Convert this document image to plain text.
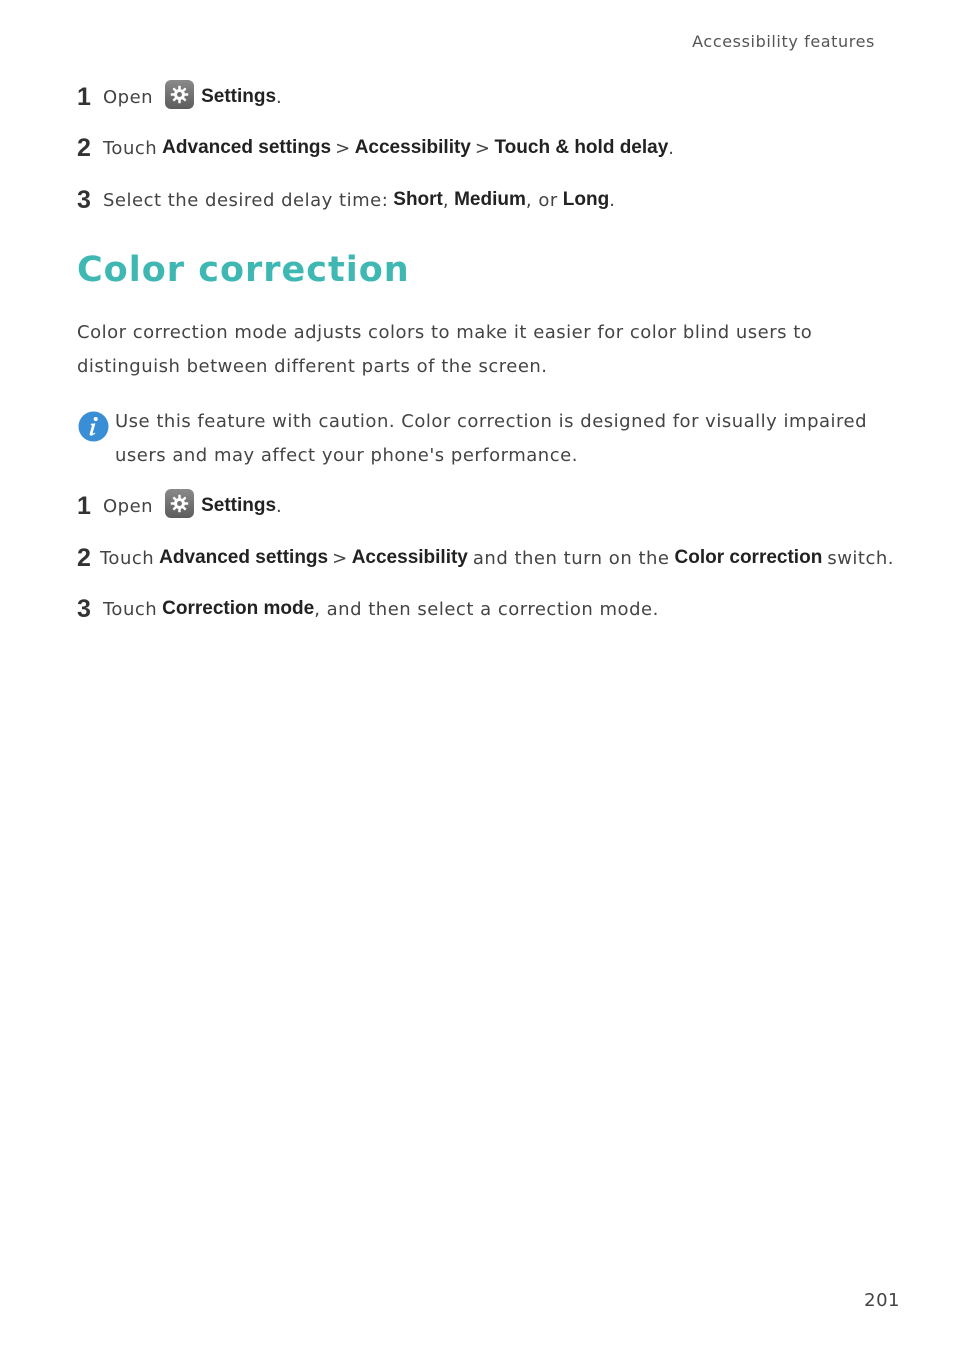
Accessibility features
1 Open	Settings .
2 Touch Advanced settings > Accessibility > Touch & hold delay .
3 Select the desired delay time: Short , Medium , or Long .
Color correction

Color correction mode adjusts colors to make it easier for color blind users to distinguish between different parts of the screen.

Use this feature with caution. Color correction is designed for visually impaired users and may affect your phone's performance.

1 Open	Settings .
2 Touch Advanced settings > Accessibility and then turn on the Color correction switch.
3 Touch Correction mode , and then select a correction mode.
201
